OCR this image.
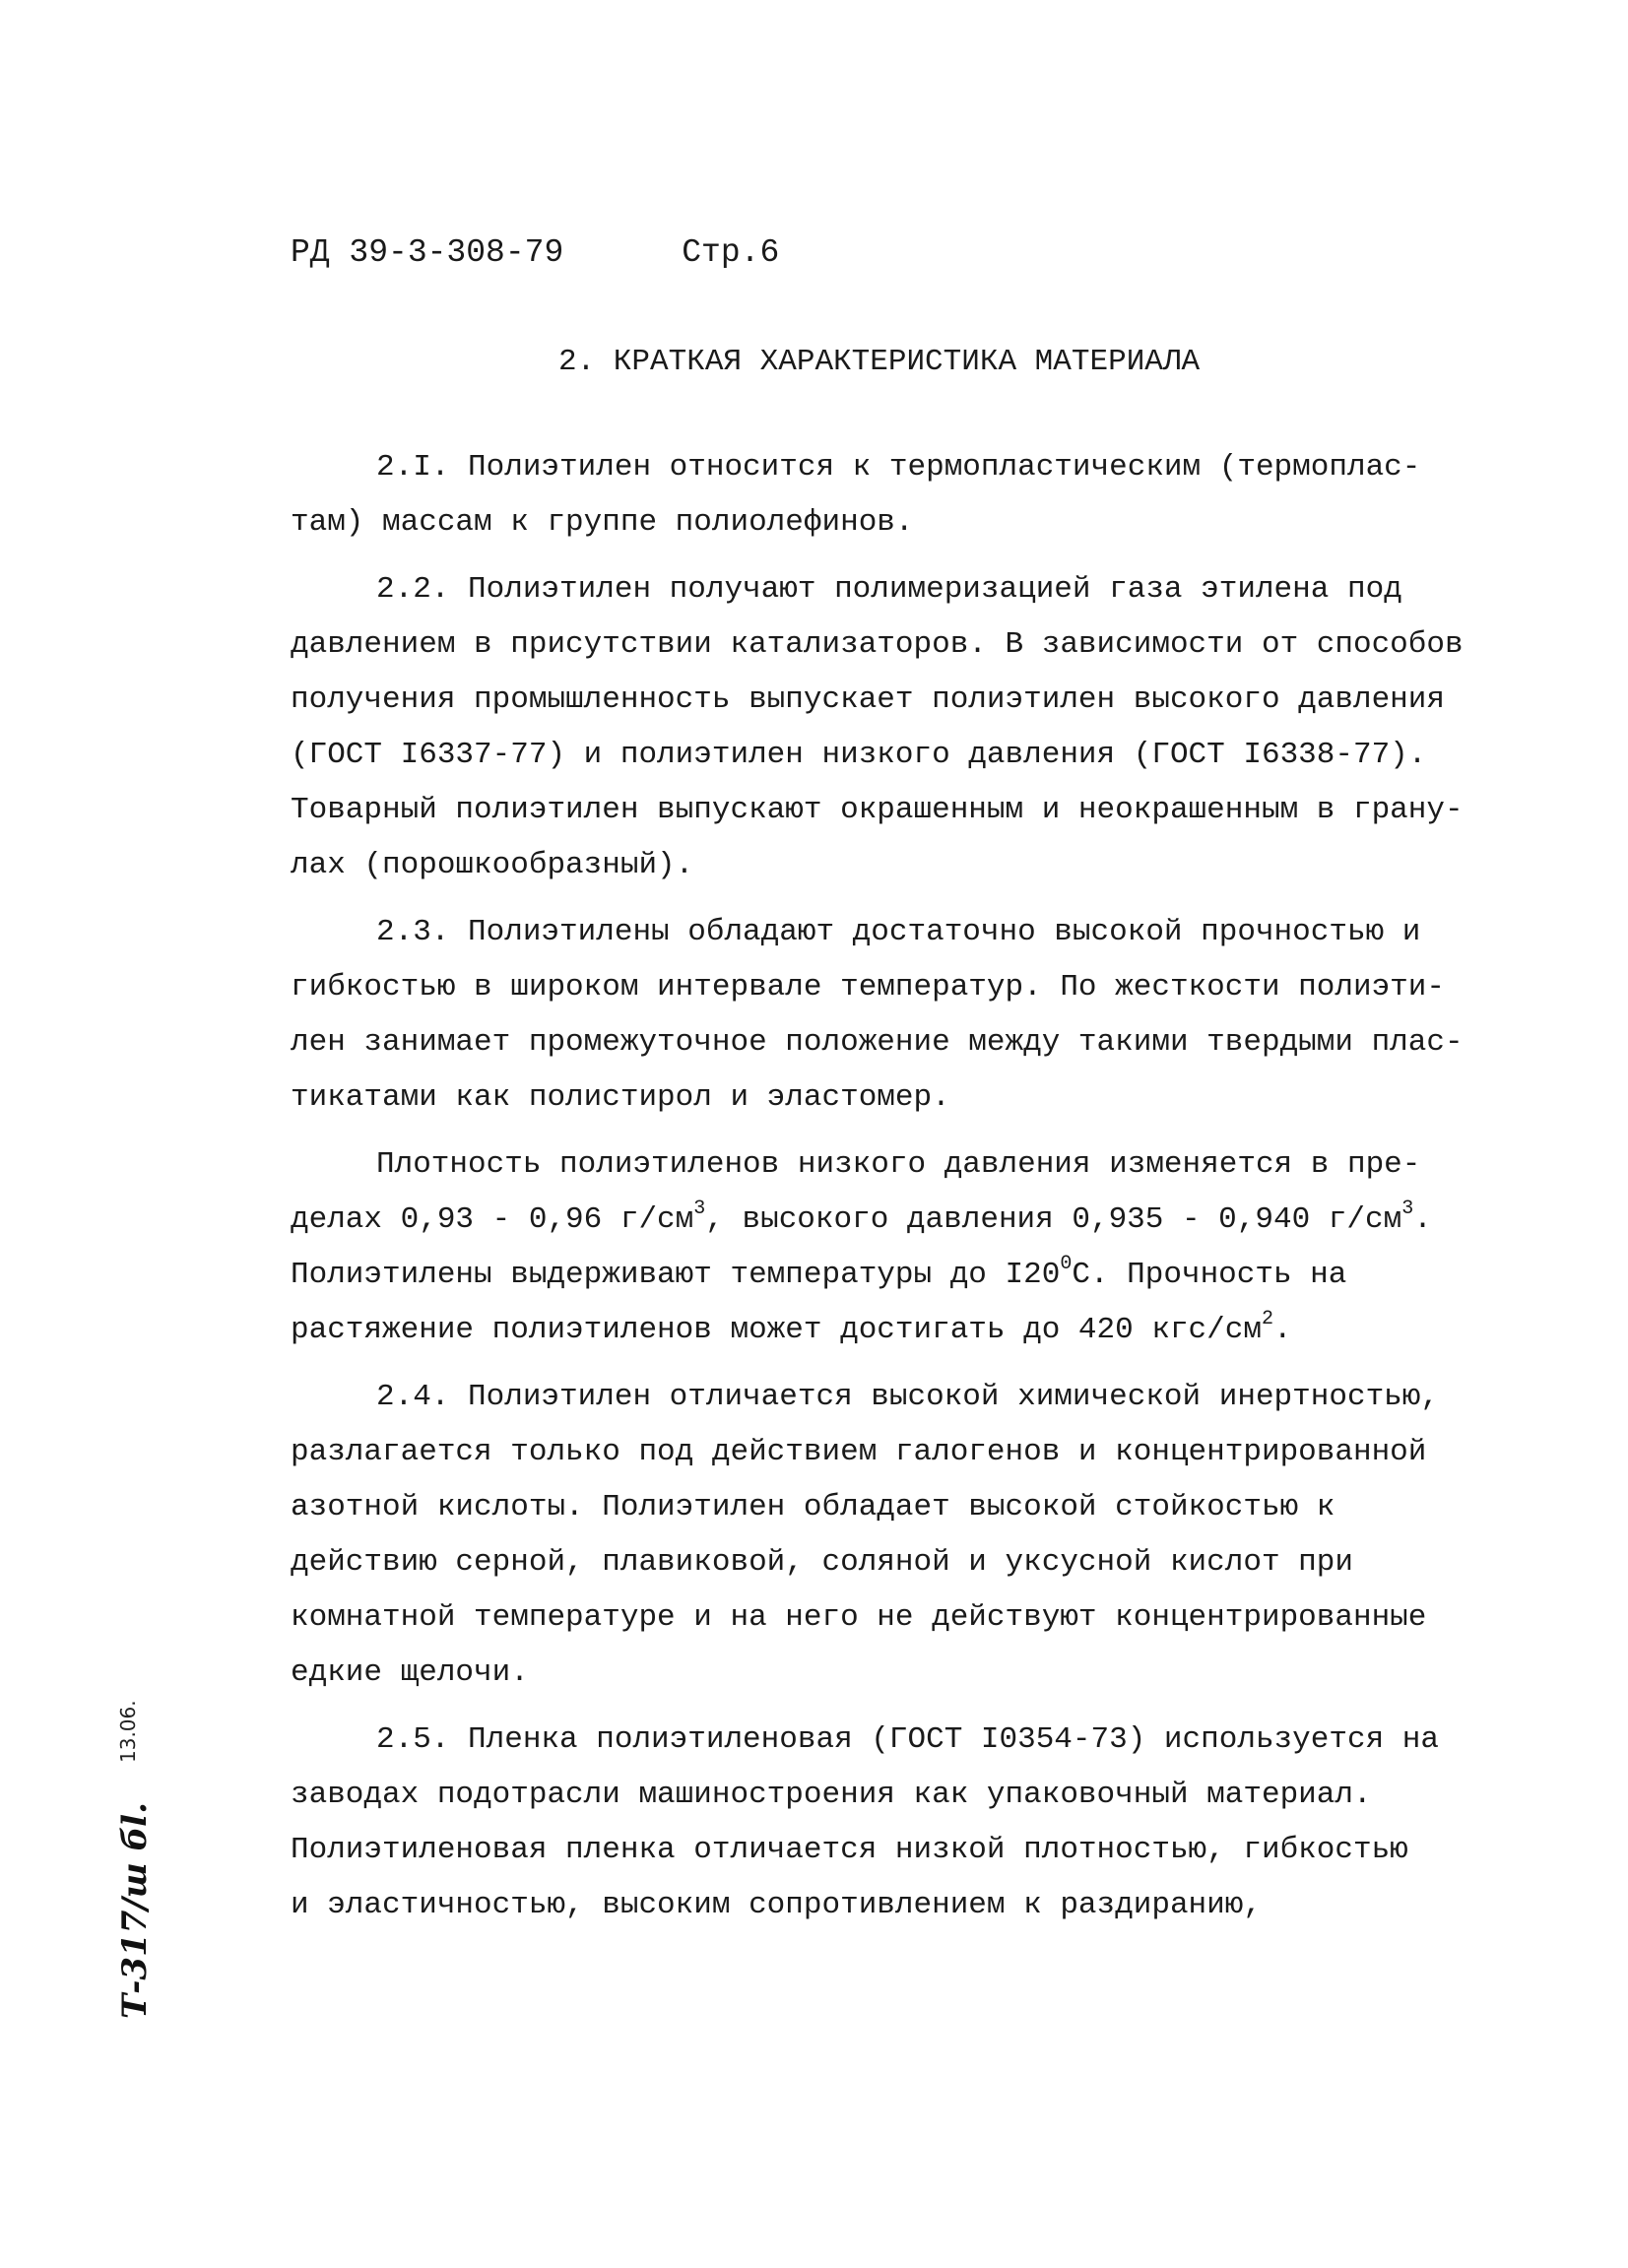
РД 39-3-308-79	Стр.6
2. КРАТКАЯ ХАРАКТЕРИСТИКА МАТЕРИАЛА
2.I. Полиэтилен относится к термопластическим (термоплас-
там) массам к группе полиолефинов.
2.2. Полиэтилен получают полимеризацией газа этилена под
давлением в присутствии катализаторов. В зависимости от способов
получения промышленность выпускает полиэтилен высокого давления
(ГОСТ I6337-77) и полиэтилен низкого давления (ГОСТ I6338-77).
Товарный полиэтилен выпускают окрашенным и неокрашенным в грану-
лах (порошкообразный).
2.3. Полиэтилены обладают достаточно высокой прочностью и
гибкостью в широком интервале температур. По жесткости полиэти-
лен занимает промежуточное положение между такими твердыми плас-
тикатами как полистирол и эластомер.
Плотность полиэтиленов низкого давления изменяется в пре-
делах 0,93 - 0,96 $г/см^3$, высокого давления 0,935 - 0,940 $г/см^3$.
Полиэтилены выдерживают температуры до $I20^0С$. Прочность на
растяжение полиэтиленов может достигать до 420 кгс/$см^2$.
2.4. Полиэтилен отличается высокой химической инертностью,
разлагается только под действием галогенов и концентрированной
азотной кислоты. Полиэтилен обладает высокой стойкостью к
действию серной, плавиковой, соляной и уксусной кислот при
комнатной температуре и на него не действуют концентрированные
едкие щелочи.
2.5. Пленка полиэтиленовая (ГОСТ I0354-73) используется на
заводах подотрасли машиностроения как упаковочный материал.
Полиэтиленовая пленка отличается низкой плотностью, гибкостью
и эластичностью, высоким сопротивлением к раздиранию,
Т-317/ш бl.
13.06.
